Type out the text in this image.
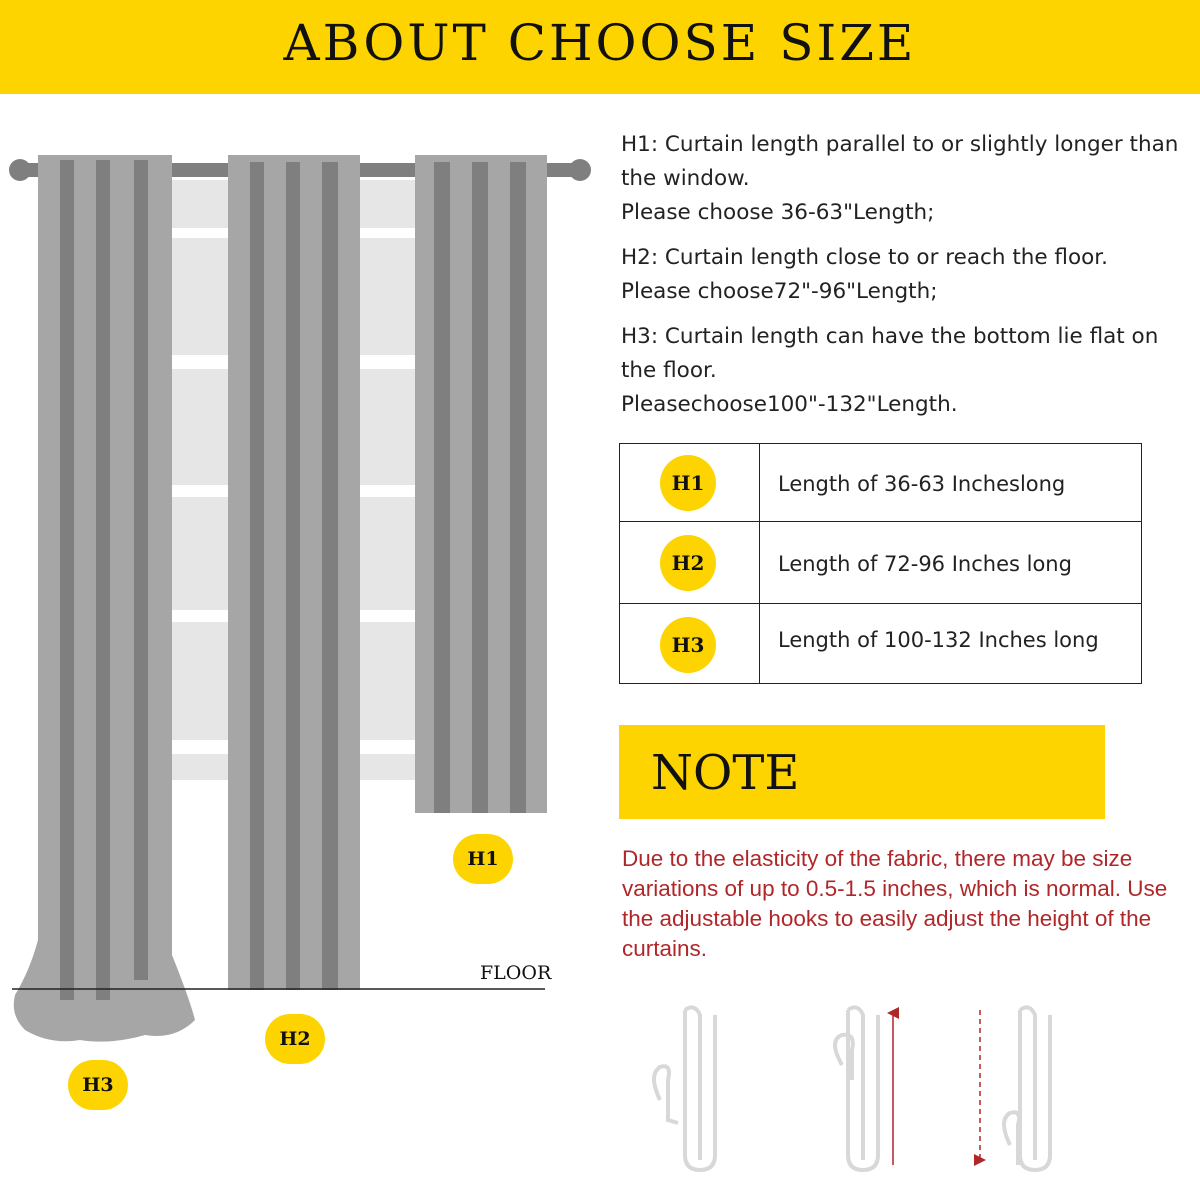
ABOUT CHOOSE SIZE
FLOOR
H1
H2
H3

H1: Curtain length parallel to or slightly longer than the window.
Please choose 36-63"Length;

H2: Curtain length close to or reach the floor.
Please choose72"-96"Length;

H3: Curtain length can have the bottom lie flat on the floor.
Pleasechoose100"-132"Length.

H1	Length of 36-63 Incheslong
H2	Length of 72-96 Inches long
H3	Length of 100-132 Inches long
NOTE
Due to the elasticity of the fabric, there may be size variations of up to 0.5-1.5 inches, which is normal. Use the adjustable hooks to easily adjust the height of the curtains.
